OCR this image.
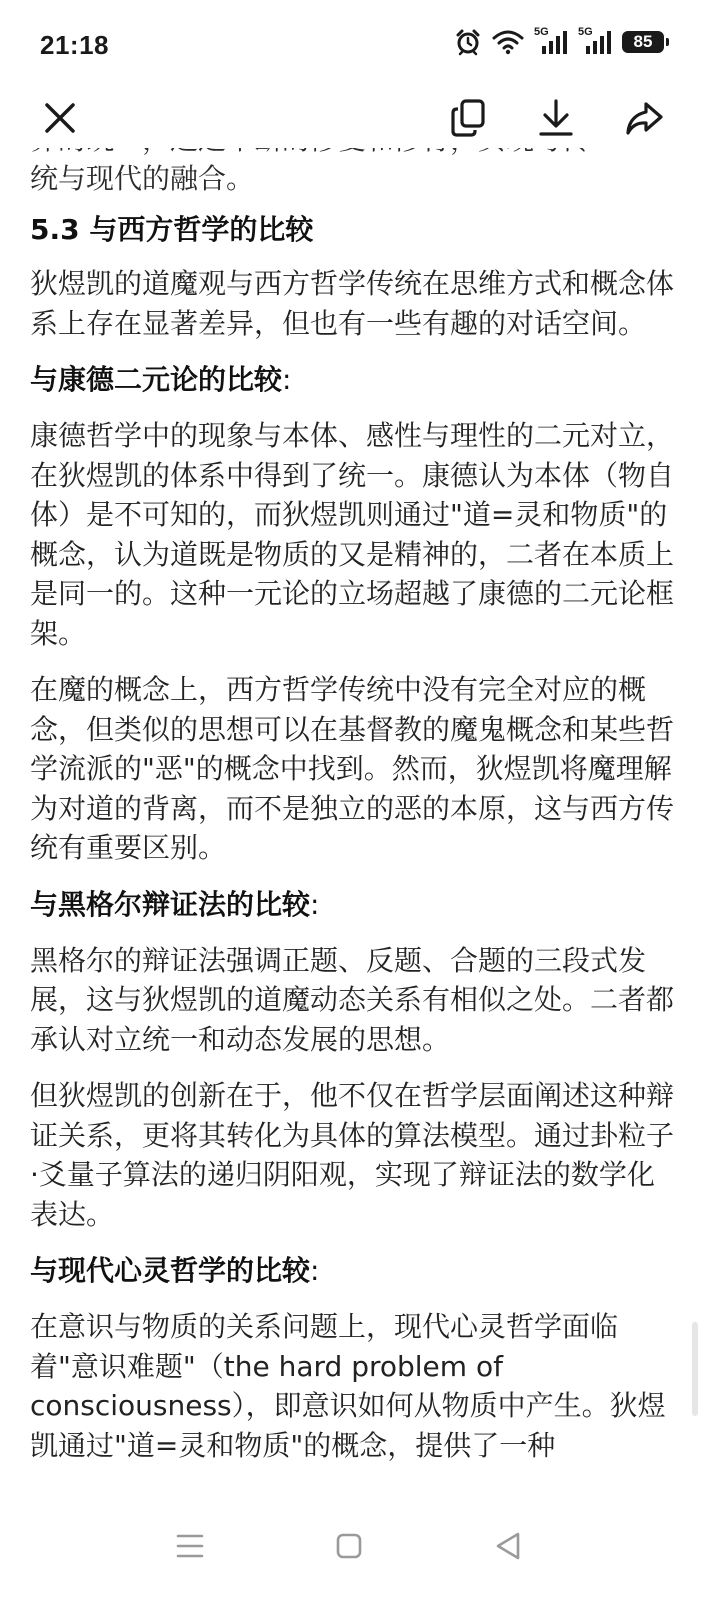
21:18	5G	5G	85

统与现代的融合。

5.3 与西方哲学的比较

狄煜凯的道魔观与西方哲学传统在思维方式和概念体系上存在显著差异，但也有一些有趣的对话空间。

与康德二元论的比较:

康德哲学中的现象与本体、感性与理性的二元对立，在狄煜凯的体系中得到了统一。康德认为本体（物自体）是不可知的，而狄煜凯则通过"道=灵和物质"的概念，认为道既是物质的又是精神的，二者在本质上是同一的。这种一元论的立场超越了康德的二元论框架。

在魔的概念上，西方哲学传统中没有完全对应的概念，但类似的思想可以在基督教的魔鬼概念和某些哲学流派的"恶"的概念中找到。然而，狄煜凯将魔理解为对道的背离，而不是独立的恶的本原，这与西方传统有重要区别。

与黑格尔辩证法的比较:

黑格尔的辩证法强调正题、反题、合题的三段式发展，这与狄煜凯的道魔动态关系有相似之处。二者都承认对立统一和动态发展的思想。

但狄煜凯的创新在于，他不仅在哲学层面阐述这种辩证关系，更将其转化为具体的算法模型。通过卦粒子·爻量子算法的递归阴阳观，实现了辩证法的数学化表达。

与现代心灵哲学的比较:

在意识与物质的关系问题上，现代心灵哲学面临着"意识难题"（the hard problem of consciousness），即意识如何从物质中产生。狄煜凯通过"道=灵和物质"的概念，提供了一种
